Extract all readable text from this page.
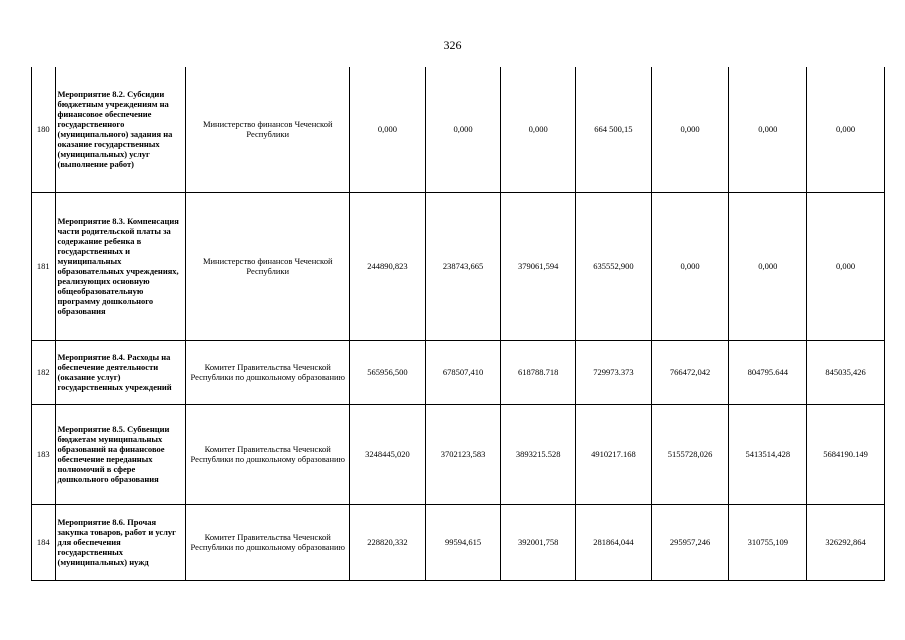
326
180	Мероприятие 8.2. Субсидии бюджетным учреждениям на финансовое обеспечение государственного (муниципального) задания на оказание государственных (муниципальных) услуг (выполнение работ)	Министерство финансов Чеченской Республики	0,000	0,000	0,000	664 500,15	0,000	0,000	0,000
181	Мероприятие 8.3. Компенсация части родительской платы за содержание ребенка в государственных и муниципальных образовательных учреждениях, реализующих основную общеобразовательную программу дошкольного образования	Министерство финансов Чеченской Республики	244890,823	238743,665	379061,594	635552,900	0,000	0,000	0,000
182	Мероприятие 8.4. Расходы на обеспечение деятельности (оказание услуг) государственных учреждений	Комитет Правительства Чеченской Республики по дошкольному образованию	565956,500	678507,410	618788.718	729973.373	766472,042	804795.644	845035,426
183	Мероприятие 8.5. Субвенции бюджетам муниципальных образований на финансовое обеспечение переданных полномочий в сфере дошкольного образования	Комитет Правительства Чеченской Республики по дошкольному образованию	3248445,020	3702123,583	3893215.528	4910217.168	5155728,026	5413514,428	5684190.149
184	Мероприятие 8.6. Прочая закупка товаров, работ и услуг для обеспечения государственных (муниципальных) нужд	Комитет Правительства Чеченской Республики по дошкольному образованию	228820,332	99594,615	392001,758	281864,044	295957,246	310755,109	326292,864
